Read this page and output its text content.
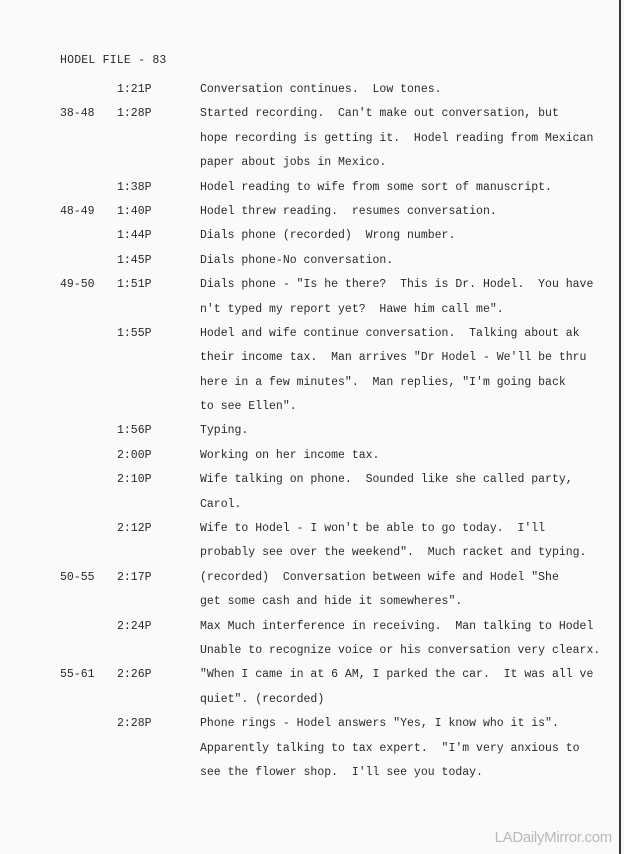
HODEL FILE - 83
1:21P	Conversation continues.  Low tones.
38-48 1:28P	Started recording.  Can't make out conversation, but
hope recording is getting it.  Hodel reading from Mexican
paper about jobs in Mexico.
1:38P	Hodel reading to wife from some sort of manuscript.
48-49 1:40P	Hodel threw reading.  resumes conversation.
1:44P	Dials phone (recorded)  Wrong number.
1:45P	Dials phone-No conversation.
49-50 1:51P	Dials phone - "Is he there?  This is Dr. Hodel.  You have
n't typed my report yet?  Hawe him call me".
1:55P	Hodel and wife continue conversation.  Talking about ak
their income tax.  Man arrives "Dr Hodel - We'll be thru
here in a few minutes".  Man replies, "I'm going back
to see Ellen".
1:56P	Typing.
2:00P	Working on her income tax.
2:10P	Wife talking on phone.  Sounded like she called party,
Carol.
2:12P	Wife to Hodel - I won't be able to go today.  I'll
probably see over the weekend".  Much racket and typing.
50-55 2:17P	(recorded)  Conversation between wife and Hodel "She
get some cash and hide it somewheres".
2:24P	Max Much interference in receiving.  Man talking to Hodel
Unable to recognize voice or his conversation very clearx.
55-61 2:26P	"When I came in at 6 AM, I parked the car.  It was all ve
quiet". (recorded)
2:28P	Phone rings - Hodel answers "Yes, I know who it is".
Apparently talking to tax expert.  "I'm very anxious to
see the flower shop.  I'll see you today.
LADailyMirror.com
